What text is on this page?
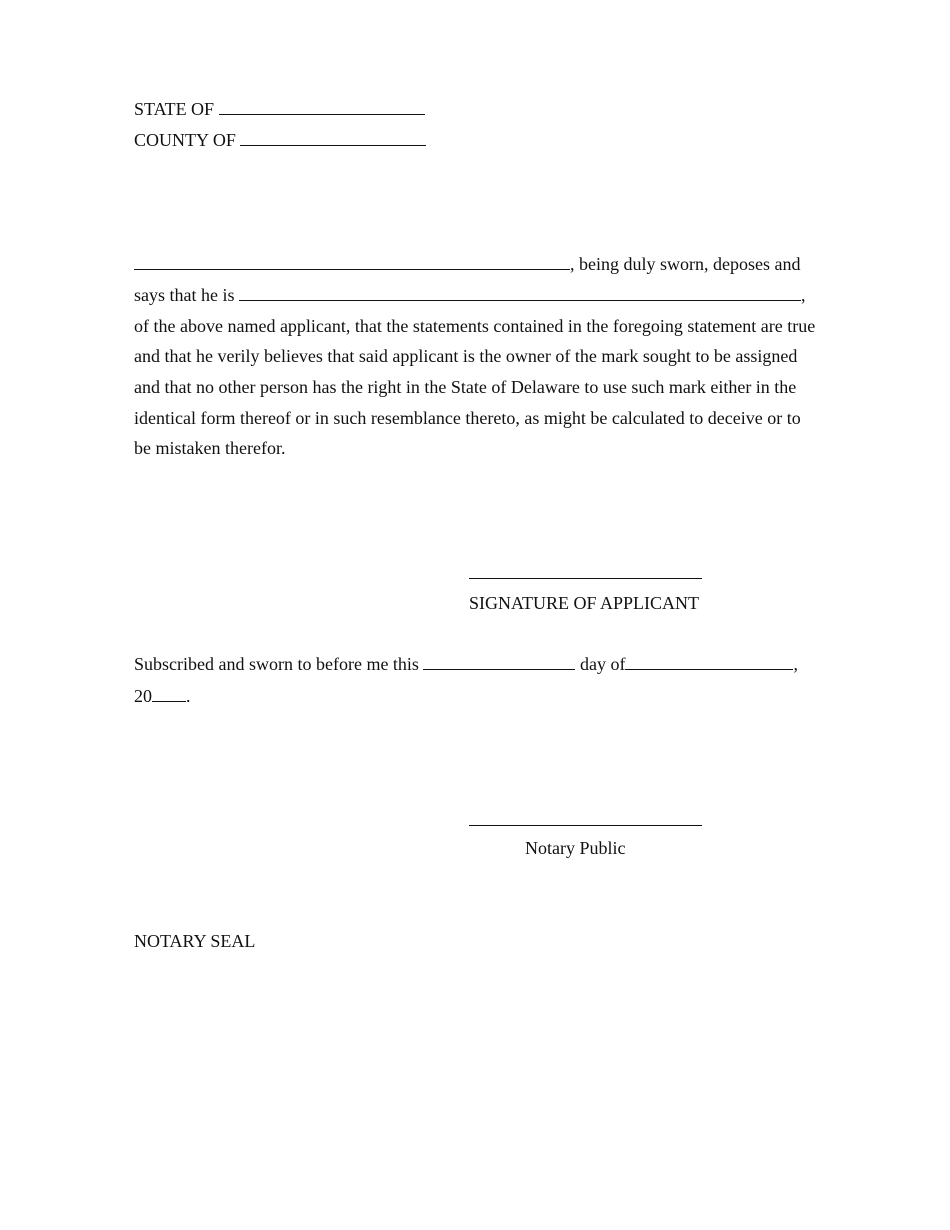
STATE OF
COUNTY OF
, being duly sworn, deposes and
says that he is	,
of the above named applicant, that the statements contained in the foregoing statement are true
and that he verily believes that said applicant is the owner of the mark sought to be assigned
and that no other person has the right in the State of Delaware to use such mark either in the
identical form thereof or in such resemblance thereto, as might be calculated to deceive or to
be mistaken therefor.
SIGNATURE OF APPLICANT
Subscribed and sworn to before me this	day of	,
20 .
Notary Public
NOTARY SEAL
